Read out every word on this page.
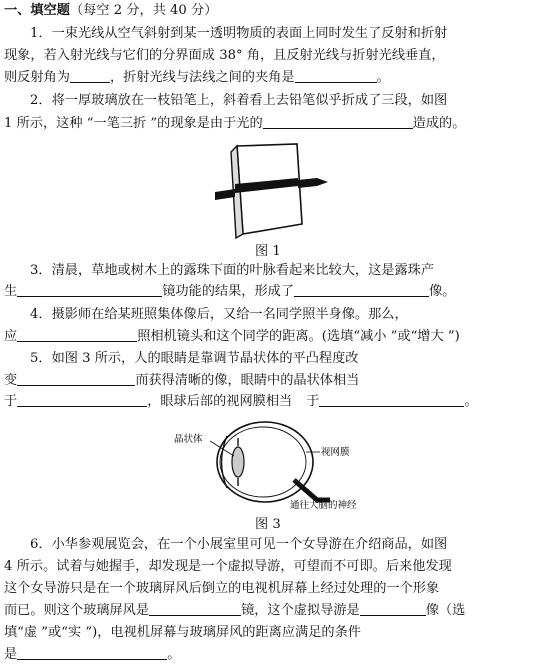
一、填空题（每空 2 分，共 40 分）
1．一束光线从空气斜射到某一透明物质的表面上同时发生了反射和折射
现象，若入射光线与它们的分界面成 38° 角，且反射光线与折射光线垂直，
则反射角为	，折射光线与法线之间的夹角是	。
2．将一厚玻璃放在一枝铅笔上，斜着看上去铅笔似乎折成了三段，如图
1 所示，这种 “一笔三折 ”的现象是由于光的	造成的。
图 1
3．清晨，草地或树木上的露珠下面的叶脉看起来比较大，这是露珠产
生	镜功能的结果，形成了	像。
4．摄影师在给某班照集体像后，又给一名同学照半身像。那么，
应	照相机镜头和这个同学的距离。(选填“减小 ”或“增大 ”)
5．如图 3 所示，人的眼睛是靠调节晶状体的平凸程度改
变	而获得清晰的像，眼睛中的晶状体相当
于	，眼球后部的视网膜相当 于	。
晶状体
视网膜
通往大脑的神经
图 3
6．小华参观展览会，在一个小展室里可见一个女导游在介绍商品，如图
4 所示。试着与她握手，却发现是一个虚拟导游，可望而不可即。后来他发现
这个女导游只是在一个玻璃屏风后倒立的电视机屏幕上经过处理的一个形象
而已。则这个玻璃屏风是	镜，这个虚拟导游是	像（选
填“虚 ”或“实 ”)，电视机屏幕与玻璃屏风的距离应满足的条件
是	。
